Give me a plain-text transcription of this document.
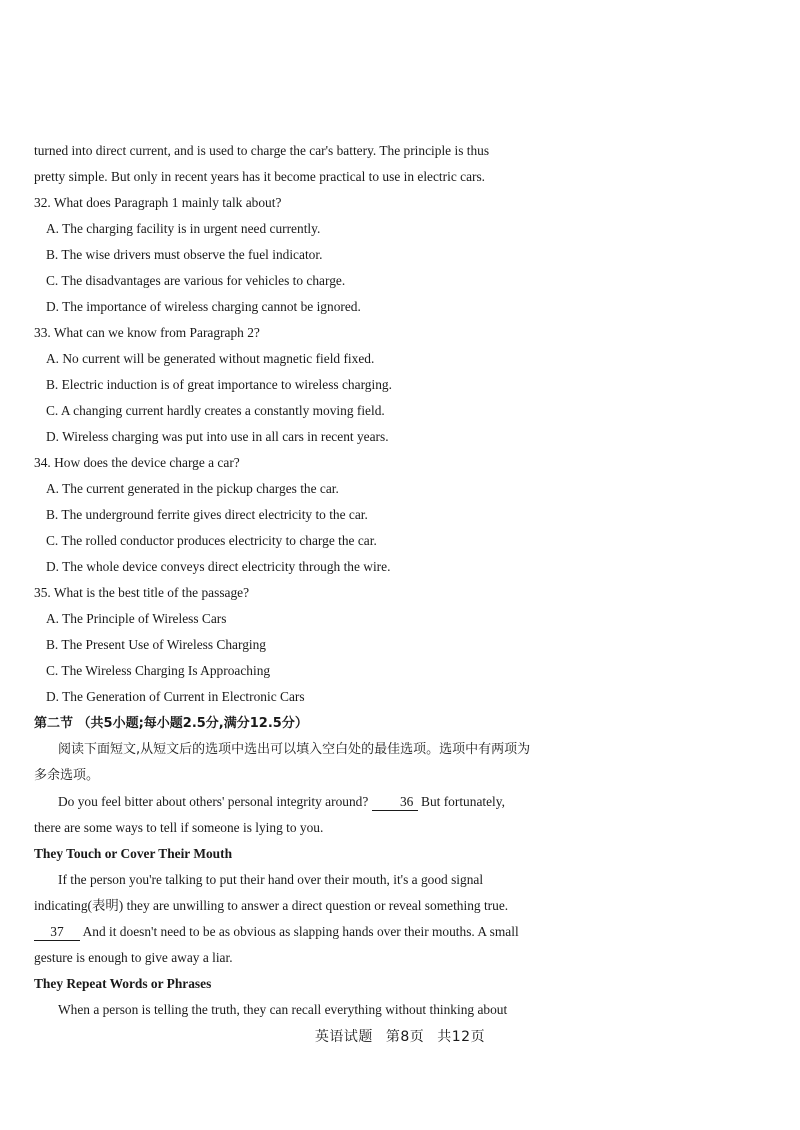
turned into direct current, and is used to charge the car's battery. The principle is thus
pretty simple. But only in recent years has it become practical to use in electric cars.
32. What does Paragraph 1 mainly talk about?
A. The charging facility is in urgent need currently.
B. The wise drivers must observe the fuel indicator.
C. The disadvantages are various for vehicles to charge.
D. The importance of wireless charging cannot be ignored.
33. What can we know from Paragraph 2?
A. No current will be generated without magnetic field fixed.
B. Electric induction is of great importance to wireless charging.
C. A changing current hardly creates a constantly moving field.
D. Wireless charging was put into use in all cars in recent years.
34. How does the device charge a car?
A. The current generated in the pickup charges the car.
B. The underground ferrite gives direct electricity to the car.
C. The rolled conductor produces electricity to charge the car.
D. The whole device conveys direct electricity through the wire.
35. What is the best title of the passage?
A. The Principle of Wireless Cars
B. The Present Use of Wireless Charging
C. The Wireless Charging Is Approaching
D. The Generation of Current in Electronic Cars
第二节 （共5小题;每小题2.5分,满分12.5分）
阅读下面短文,从短文后的选项中选出可以填入空白处的最佳选项。选项中有两项为
多余选项。
Do you feel bitter about others' personal integrity around? 36 But fortunately,
there are some ways to tell if someone is lying to you.
They Touch or Cover Their Mouth
If the person you're talking to put their hand over their mouth, it's a good signal
indicating(表明) they are unwilling to answer a direct question or reveal something true.
37 And it doesn't need to be as obvious as slapping hands over their mouths. A small
gesture is enough to give away a liar.
They Repeat Words or Phrases
When a person is telling the truth, they can recall everything without thinking about
英语试题 第8页 共12页
